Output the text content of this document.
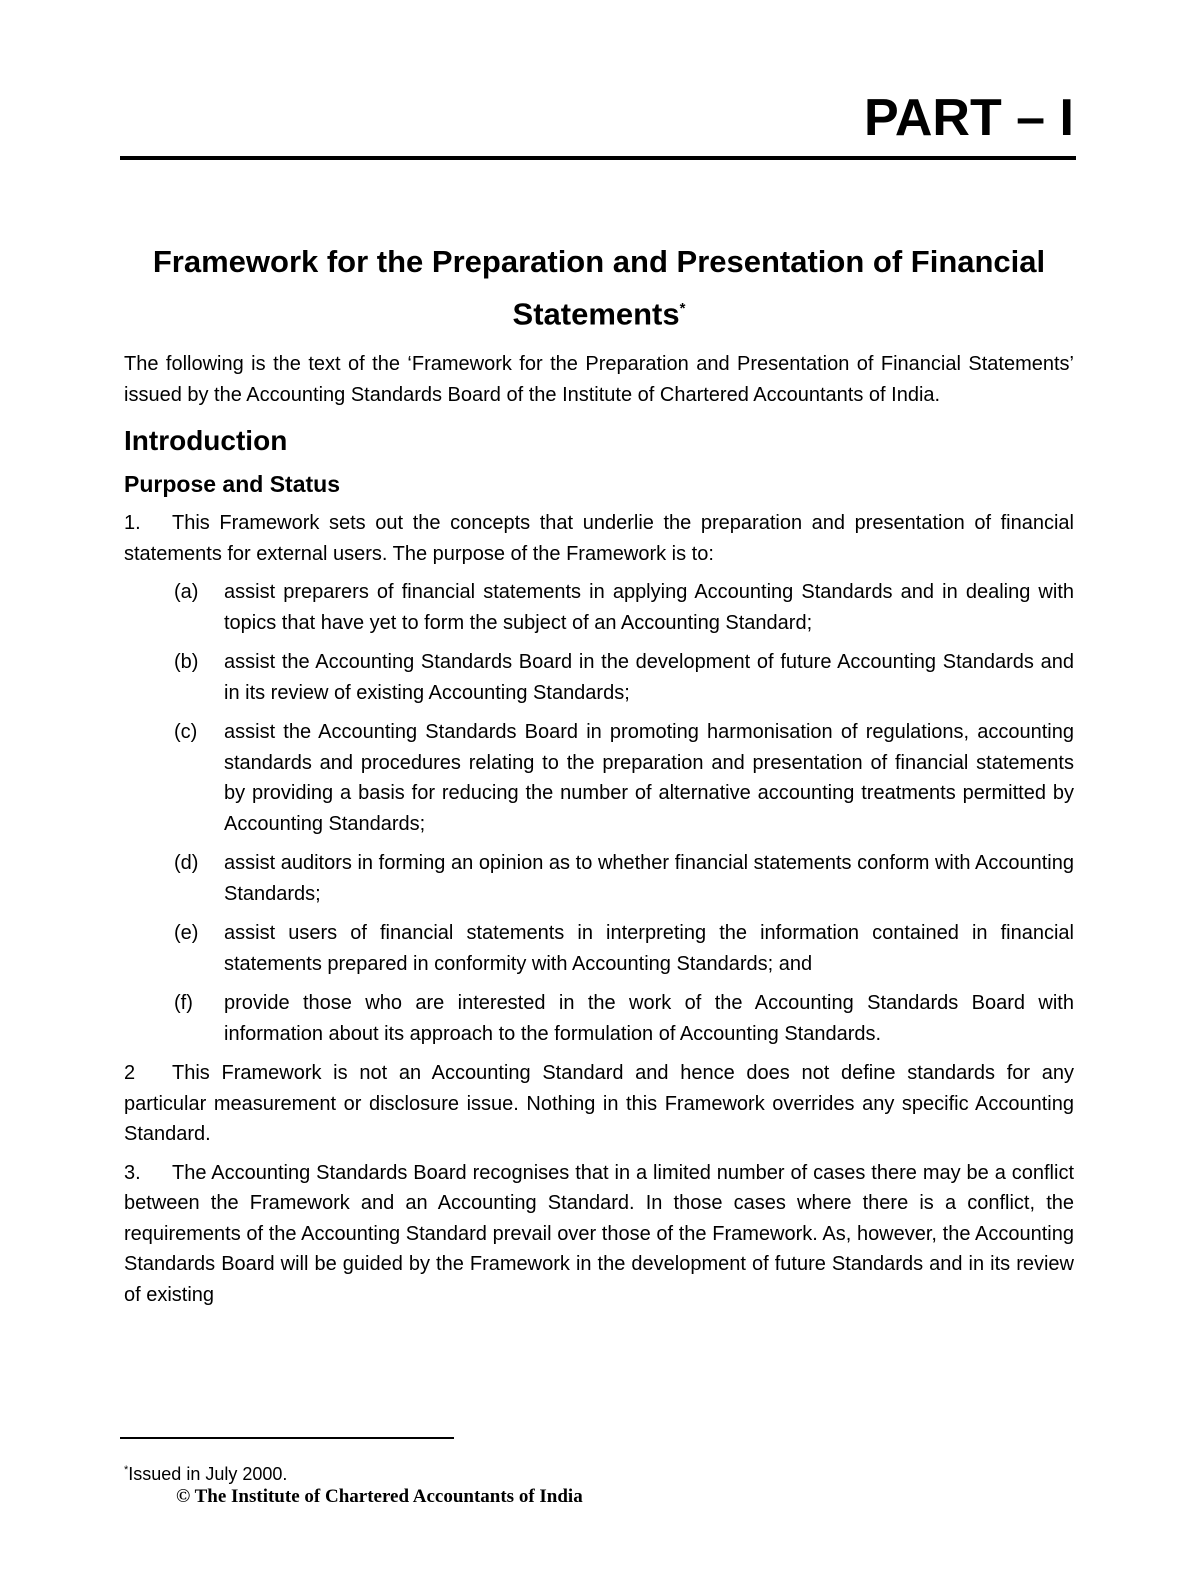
PART – I
Framework for the Preparation and Presentation of Financial Statements*

The following is the text of the ‘Framework for the Preparation and Presentation of Financial Statements’ issued by the Accounting Standards Board of the Institute of Chartered Accountants of India.

Introduction
Purpose and Status

1. This Framework sets out the concepts that underlie the preparation and presentation of financial statements for external users. The purpose of the Framework is to:

(a)	assist preparers of financial statements in applying Accounting Standards and in dealing with topics that have yet to form the subject of an Accounting Standard;

(b)	assist the Accounting Standards Board in the development of future Accounting Standards and in its review of existing Accounting Standards;

(c)	assist the Accounting Standards Board in promoting harmonisation of regulations, accounting standards and procedures relating to the preparation and presentation of financial statements by providing a basis for reducing the number of alternative accounting treatments permitted by Accounting Standards;

(d)	assist auditors in forming an opinion as to whether financial statements conform with Accounting Standards;

(e)	assist users of financial statements in interpreting the information contained in financial statements prepared in conformity with Accounting Standards; and

(f)	provide those who are interested in the work of the Accounting Standards Board with information about its approach to the formulation of Accounting Standards.

2 This Framework is not an Accounting Standard and hence does not define standards for any particular measurement or disclosure issue. Nothing in this Framework overrides any specific Accounting Standard.

3. The Accounting Standards Board recognises that in a limited number of cases there may be a conflict between the Framework and an Accounting Standard. In those cases where there is a conflict, the requirements of the Accounting Standard prevail over those of the Framework. As, however, the Accounting Standards Board will be guided by the Framework in the development of future Standards and in its review of existing

*Issued in July 2000.
© The Institute of Chartered Accountants of India
